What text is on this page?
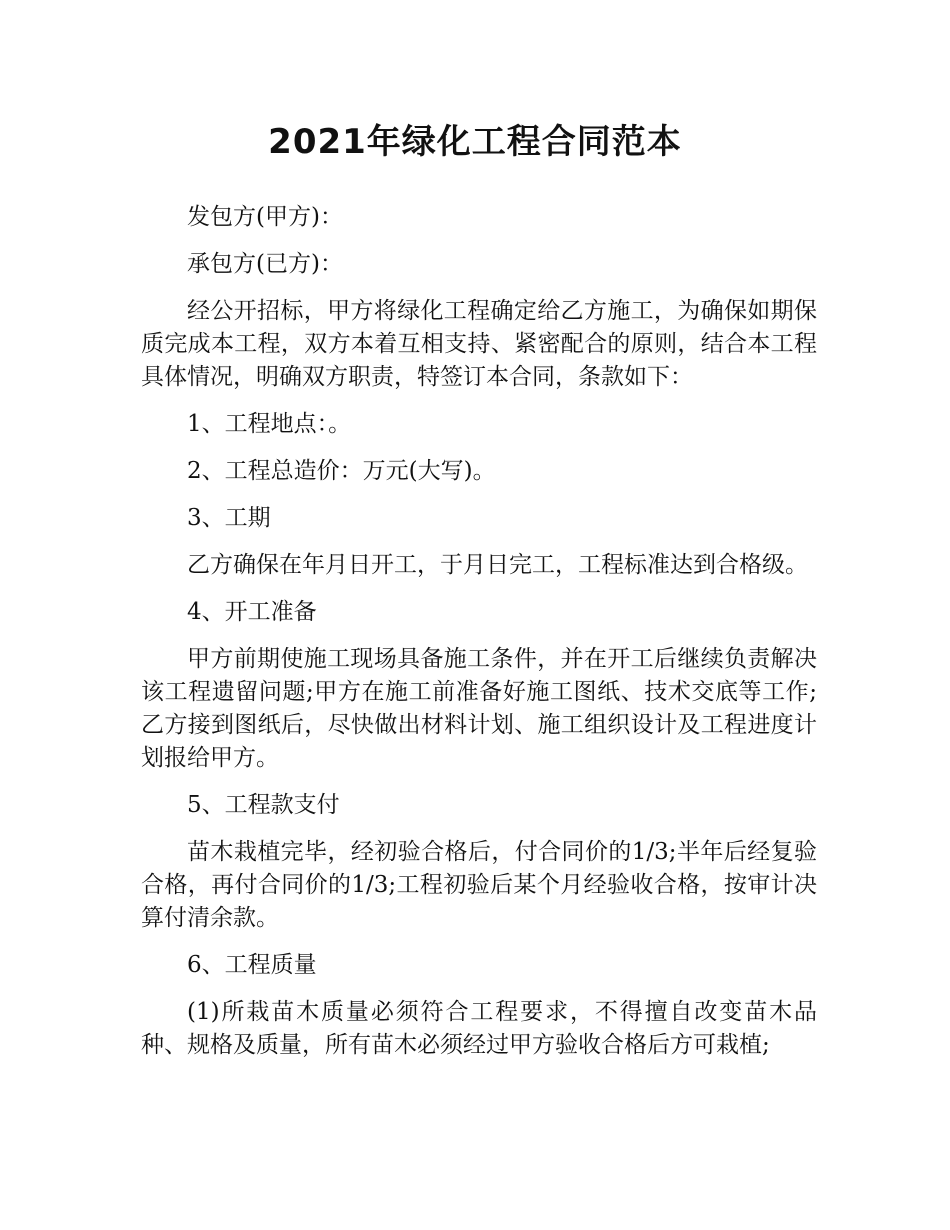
2021年绿化工程合同范本

发包方(甲方)：

承包方(已方)：

经公开招标，甲方将绿化工程确定给乙方施工，为确保如期保质完成本工程，双方本着互相支持、紧密配合的原则，结合本工程具体情况，明确双方职责，特签订本合同，条款如下：

1、工程地点：。

2、工程总造价：万元(大写)。

3、工期

乙方确保在年月日开工，于月日完工，工程标准达到合格级。

4、开工准备

甲方前期使施工现场具备施工条件，并在开工后继续负责解决该工程遗留问题;甲方在施工前准备好施工图纸、技术交底等工作;乙方接到图纸后，尽快做出材料计划、施工组织设计及工程进度计划报给甲方。

5、工程款支付

苗木栽植完毕，经初验合格后，付合同价的1/3;半年后经复验合格，再付合同价的1/3;工程初验后某个月经验收合格，按审计决算付清余款。

6、工程质量

(1)所栽苗木质量必须符合工程要求，不得擅自改变苗木品种、规格及质量，所有苗木必须经过甲方验收合格后方可栽植;
